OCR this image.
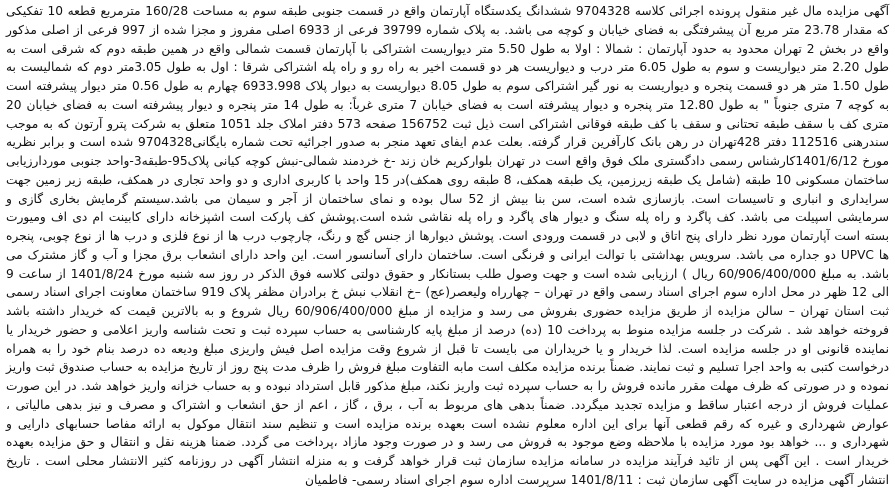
آگهی مزایده مال غیر منقول پرونده اجرائی کلاسه 9704328 ششدانگ یکدستگاه آپارتمان واقع در قسمت جنوبی طبقه سوم به مساحت 160/28 مترمربع قطعه 10 تفکیکی که مقدار 23.78 متر مربع آن پیشرفتگی به فضای خیابان و کوچه می باشد. به پلاک شماره 39799 فرعی از 6933 اصلی مفروز و مجزا شده از 997 فرعی از اصلی مذکور واقع در بخش 2 تهران محدود به حدود آپارتمان : شمالا : اولا به طول 5.50 متر دیواریست اشتراکی با آپارتمان قسمت شمالی واقع در همین طبقه دوم که شرقی است به طول 2.20 متر دیواریست و سوم به طول 6.05 متر درب و دیواریست هر دو قسمت اخیر به راه رو و راه پله اشتراکی شرقا : اول به طول 3.05متر دوم که شمالیست به طول 1.50 متر هر دو قسمت پنجره و دیواریست به نور گیر اشتراکی سوم به طول 8.05 دیواریست به دیوار پلاک 6933.998 چهارم به طول 0.56 متر دیوار پیشرفته است به کوچه 7 متری جنوباً " به طول 12.80 متر پنجره و دیوار پیشرفته است به فضای خیابان 7 متری غرباً: به طول 14 متر پنجره و دیوار پیشرفته است به فضای خیابان 20 متری کف با سقف طبقه تحتانی و سقف با کف طبقه فوقانی اشتراکی است ذیل ثبت 156752 صفحه 573 دفتر املاک جلد 1051 متعلق به شرکت پترو آرتون که به موجب سندرهنی 112516 دفتر 428تهران در رهن بانک کارآفرین قرار گرفته. بعلت عدم ایفای تعهد منجر به صدور اجرائیه تحت شماره بایگانی9704328 شده است و برابر نظریه مورخ 1401/6/12کارشناس رسمی دادگستری ملک فوق واقع است در تهران بلوارکریم خان زند -خ خردمند شمالی-نبش کوچه کیانی پلاک95-طبقه3-واحد جنوبی موردارزیابی ساختمان مسکونی 10 طبقه (شامل یک طبقه زیرزمین، یک طبقه همکف، 8 طبقه روی همکف)در 15 واحد با کاربری اداری و دو واحد تجاری در همکف، طبقه زیر زمین جهت سرایداری و انباری و تاسیسات است. بازسازی شده است، سن بنا بیش از 52 سال بوده و نمای ساختمان از آجر و سیمان می باشد.سیستم گرمایش بخاری گازی و سرمایشی اسپیلت می باشد. کف پاگرد و راه پله سنگ و دیوار های پاگرد و راه پله نقاشی شده است.پوشش کف پارکت است اشپزخانه دارای کابینت ام دی اف ومیورت بسته است آپارتمان مورد نظر دارای پنج اتاق و لابی در قسمت ورودی است. پوشش دیوارها از جنس گچ و رنگ، چارچوب درب ها از نوع فلزی و درب ها از نوع چوبی، پنجره ها UPVC دو جداره می باشد. سرویس بهداشتی با توالت ایرانی و فرنگی است. ساختمان دارای آسانسور است. این واحد دارای انشعاب برق مجزا و آب و گاز مشترک می باشد. به مبلغ 60/906/400/000 ریال ) ارزیابی شده است و جهت وصول طلب بستانکار و حقوق دولتی کلاسه فوق الذکر در روز سه شنبه مورخ 1401/8/24 از ساعت 9 الی 12 ظهر در محل اداره سوم اجرای اسناد رسمی واقع در تهران – چهارراه ولیعصر(عج) –خ انقلاب نبش خ برادران مظفر پلاک 919 ساختمان معاونت اجرای اسناد رسمی ثبت استان تهران – سالن مزایده از طریق مزایده حضوری بفروش می رسد و مزایده از مبلغ 60/906/400/000 ریال شروع و به بالاترین قیمت که خریدار داشته باشد فروخته خواهد شد . شرکت در جلسه مزایده منوط به پرداخت 10 (ده) درصد از مبلغ پایه کارشناسی به حساب سپرده ثبت و تحت شناسه واریز اعلامی و حضور خریدار یا نماینده قانونی او در جلسه مزایده است. لذا خریدار و یا خریداران می بایست تا قبل از شروع وقت مزایده اصل فیش واریزی مبلغ ودیعه ده درصد بنام خود را به همراه درخواست کتبی به واحد اجرا تسلیم و ثبت نمایند. ضمناً برنده مزایده مکلف است مابه التفاوت مبلغ فروش را ظرف مدت پنج روز از تاریخ مزایده به حساب صندوق ثبت واریز نموده و در صورتی که ظرف مهلت مقرر مانده فروش را به حساب سپرده ثبت واریز نکند، مبلغ مذکور قابل استرداد نبوده و به حساب خزانه واریز خواهد شد. در این صورت عملیات فروش از درجه اعتبار ساقط و مزایده تجدید میگردد. ضمناً بدهی های مربوط به آب ، برق ، گاز ، اعم از حق انشعاب و اشتراک و مصرف و نیز بدهی مالیاتی ، عوارض شهرداری و غیره که رقم قطعی آنها برای این اداره معلوم نشده است بعهده برنده مزایده است و تنظیم سند انتقال موکول به ارائه مفاصا حسابهای دارایی و شهرداری و ... خواهد بود مورد مزایده با ملاحظه وضع موجود به فروش می رسد و در صورت وجود مازاد ،پرداخت می گردد. ضمنا هزینه نقل و انتقال و حق مزایده بعهده خریدار است . این آگهی پس از تائید فرآیند مزایده در سامانه مزایده سازمان ثبت قرار خواهد گرفت و به منزله انتشار آگهی در روزنامه کثیر الانتشار محلی است . تاریخ انتشار آگهی مزایده در سایت آگهی سازمان ثبت : 1401/8/11 سرپرست اداره سوم اجرای اسناد رسمی- فاطمیان
